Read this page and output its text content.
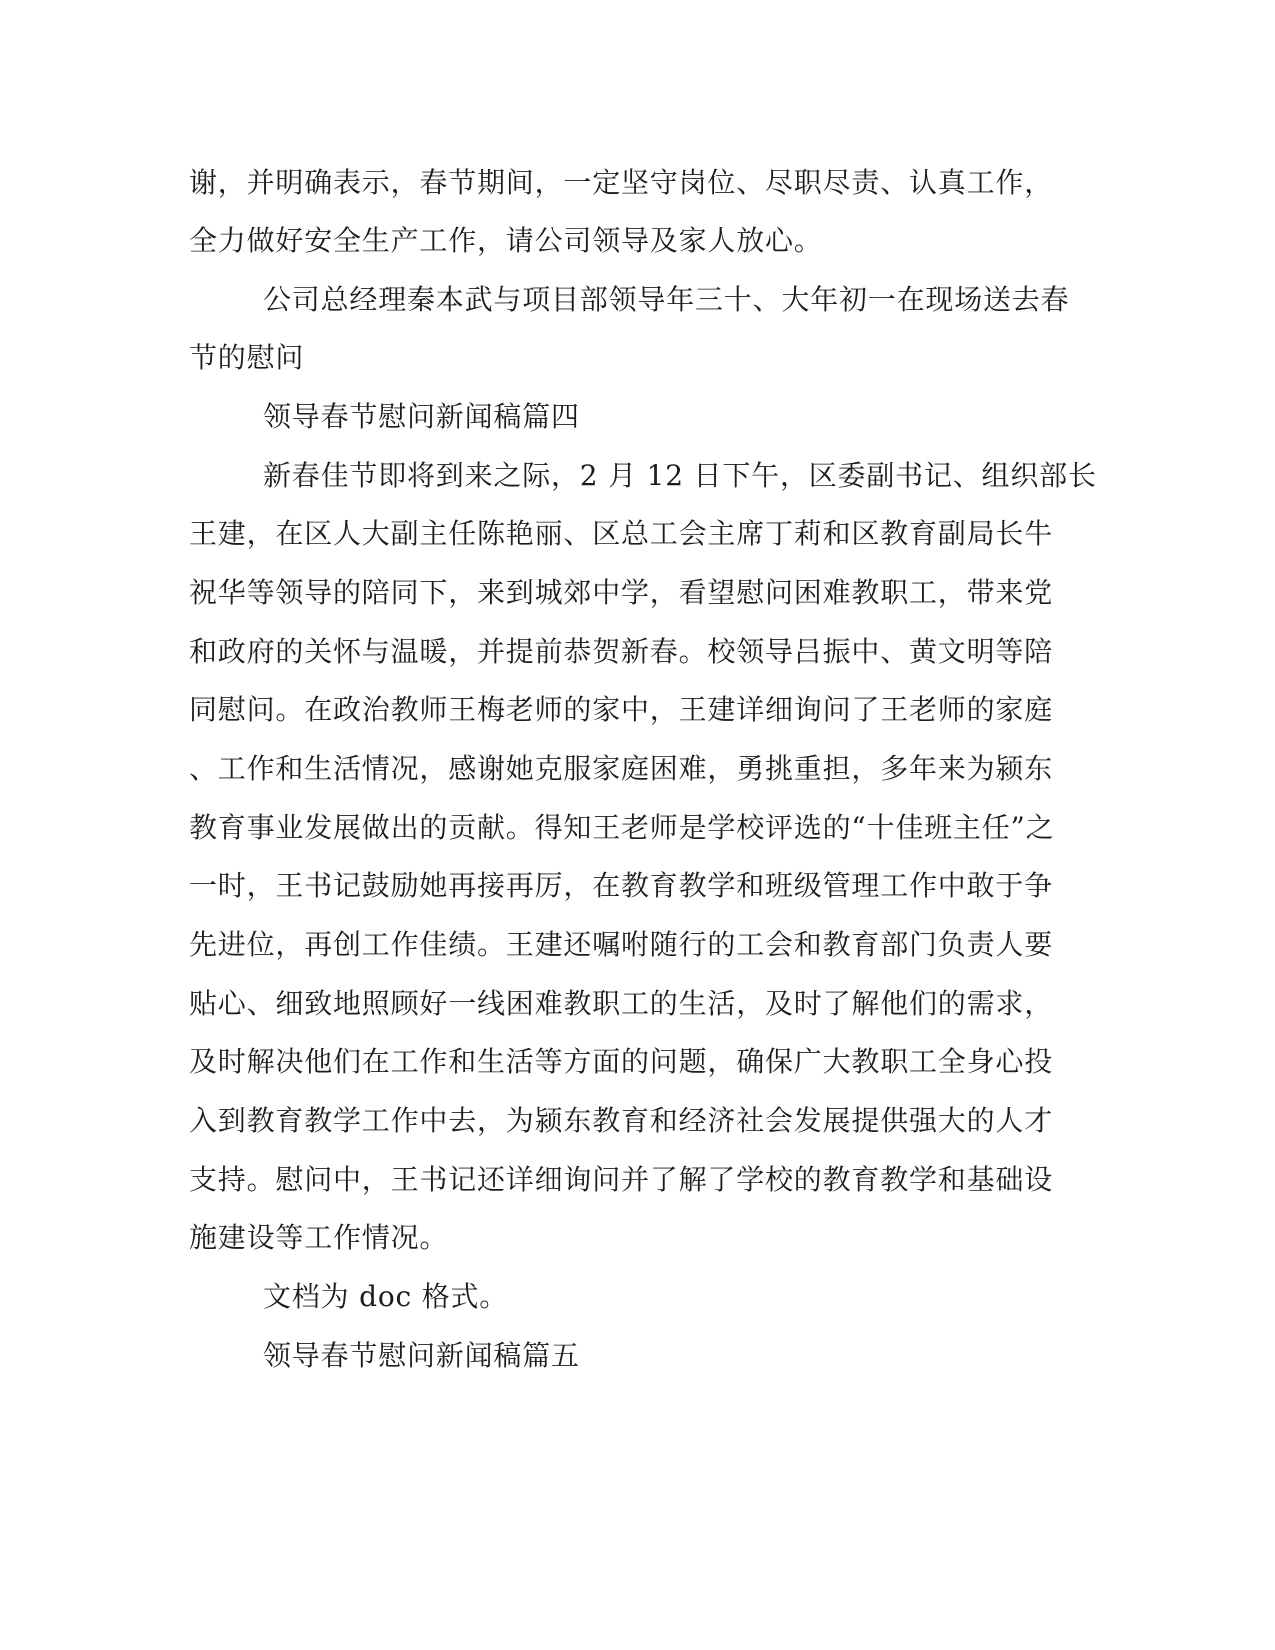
谢，并明确表示，春节期间，一定坚守岗位、尽职尽责、认真工作，

全力做好安全生产工作，请公司领导及家人放心。

公司总经理秦本武与项目部领导年三十、大年初一在现场送去春

节的慰问

领导春节慰问新闻稿篇四

新春佳节即将到来之际，2 月 12 日下午，区委副书记、组织部长

王建，在区人大副主任陈艳丽、区总工会主席丁莉和区教育副局长牛

祝华等领导的陪同下，来到城郊中学，看望慰问困难教职工，带来党

和政府的关怀与温暖，并提前恭贺新春。校领导吕振中、黄文明等陪

同慰问。在政治教师王梅老师的家中，王建详细询问了王老师的家庭

、工作和生活情况，感谢她克服家庭困难，勇挑重担，多年来为颍东

教育事业发展做出的贡献。得知王老师是学校评选的“十佳班主任”之

一时，王书记鼓励她再接再厉，在教育教学和班级管理工作中敢于争

先进位，再创工作佳绩。王建还嘱咐随行的工会和教育部门负责人要

贴心、细致地照顾好一线困难教职工的生活，及时了解他们的需求，

及时解决他们在工作和生活等方面的问题，确保广大教职工全身心投

入到教育教学工作中去，为颍东教育和经济社会发展提供强大的人才

支持。慰问中，王书记还详细询问并了解了学校的教育教学和基础设

施建设等工作情况。

文档为 doc 格式。

领导春节慰问新闻稿篇五
